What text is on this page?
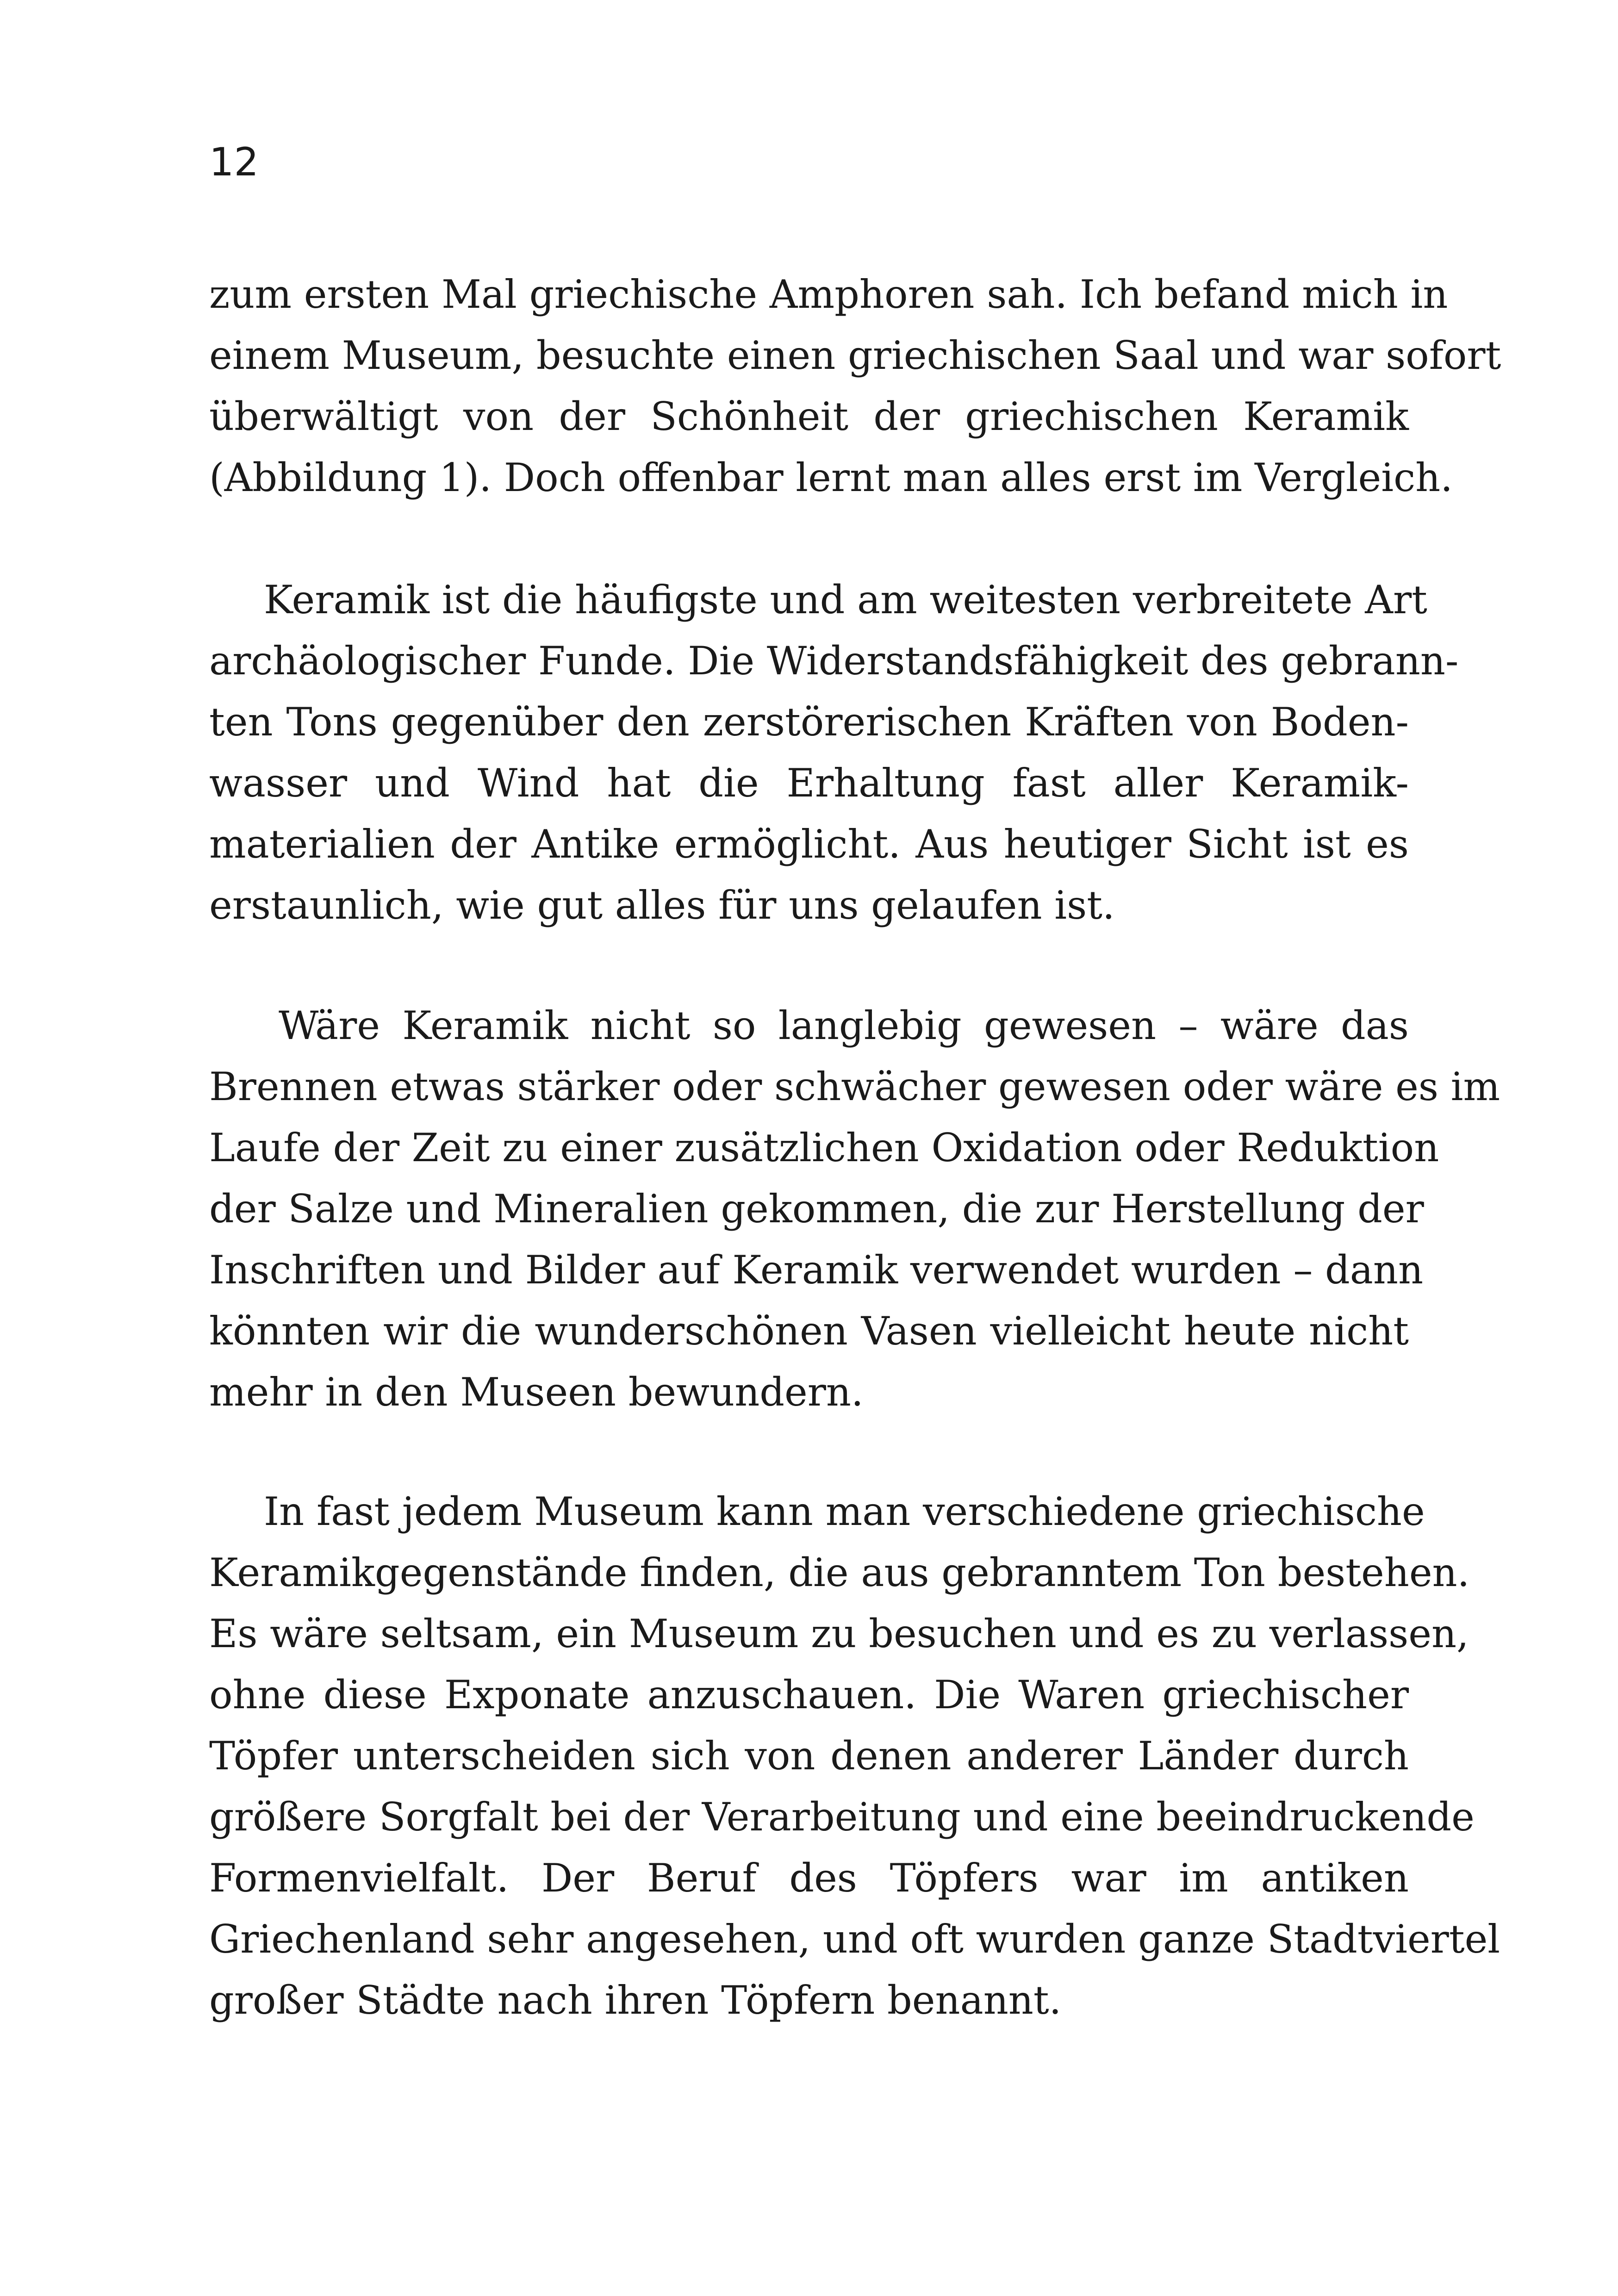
12
zum ersten Mal griechische Amphoren sah. Ich befand mich in
einem Museum, besuchte einen griechischen Saal und war sofort
überwältigt von der Schönheit der griechischen Keramik
(Abbildung 1). Doch offenbar lernt man alles erst im Vergleich.
Keramik ist die häufigste und am weitesten verbreitete Art
archäologischer Funde. Die Widerstandsfähigkeit des gebrann-
ten Tons gegenüber den zerstörerischen Kräften von Boden-
wasser und Wind hat die Erhaltung fast aller Keramik-
materialien der Antike ermöglicht. Aus heutiger Sicht ist es
erstaunlich, wie gut alles für uns gelaufen ist.
Wäre Keramik nicht so langlebig gewesen – wäre das
Brennen etwas stärker oder schwächer gewesen oder wäre es im
Laufe der Zeit zu einer zusätzlichen Oxidation oder Reduktion
der Salze und Mineralien gekommen, die zur Herstellung der
Inschriften und Bilder auf Keramik verwendet wurden – dann
könnten wir die wunderschönen Vasen vielleicht heute nicht
mehr in den Museen bewundern.
In fast jedem Museum kann man verschiedene griechische
Keramikgegenstände finden, die aus gebranntem Ton bestehen.
Es wäre seltsam, ein Museum zu besuchen und es zu verlassen,
ohne diese Exponate anzuschauen. Die Waren griechischer
Töpfer unterscheiden sich von denen anderer Länder durch
größere Sorgfalt bei der Verarbeitung und eine beeindruckende
Formenvielfalt. Der Beruf des Töpfers war im antiken
Griechenland sehr angesehen, und oft wurden ganze Stadtviertel
großer Städte nach ihren Töpfern benannt.
